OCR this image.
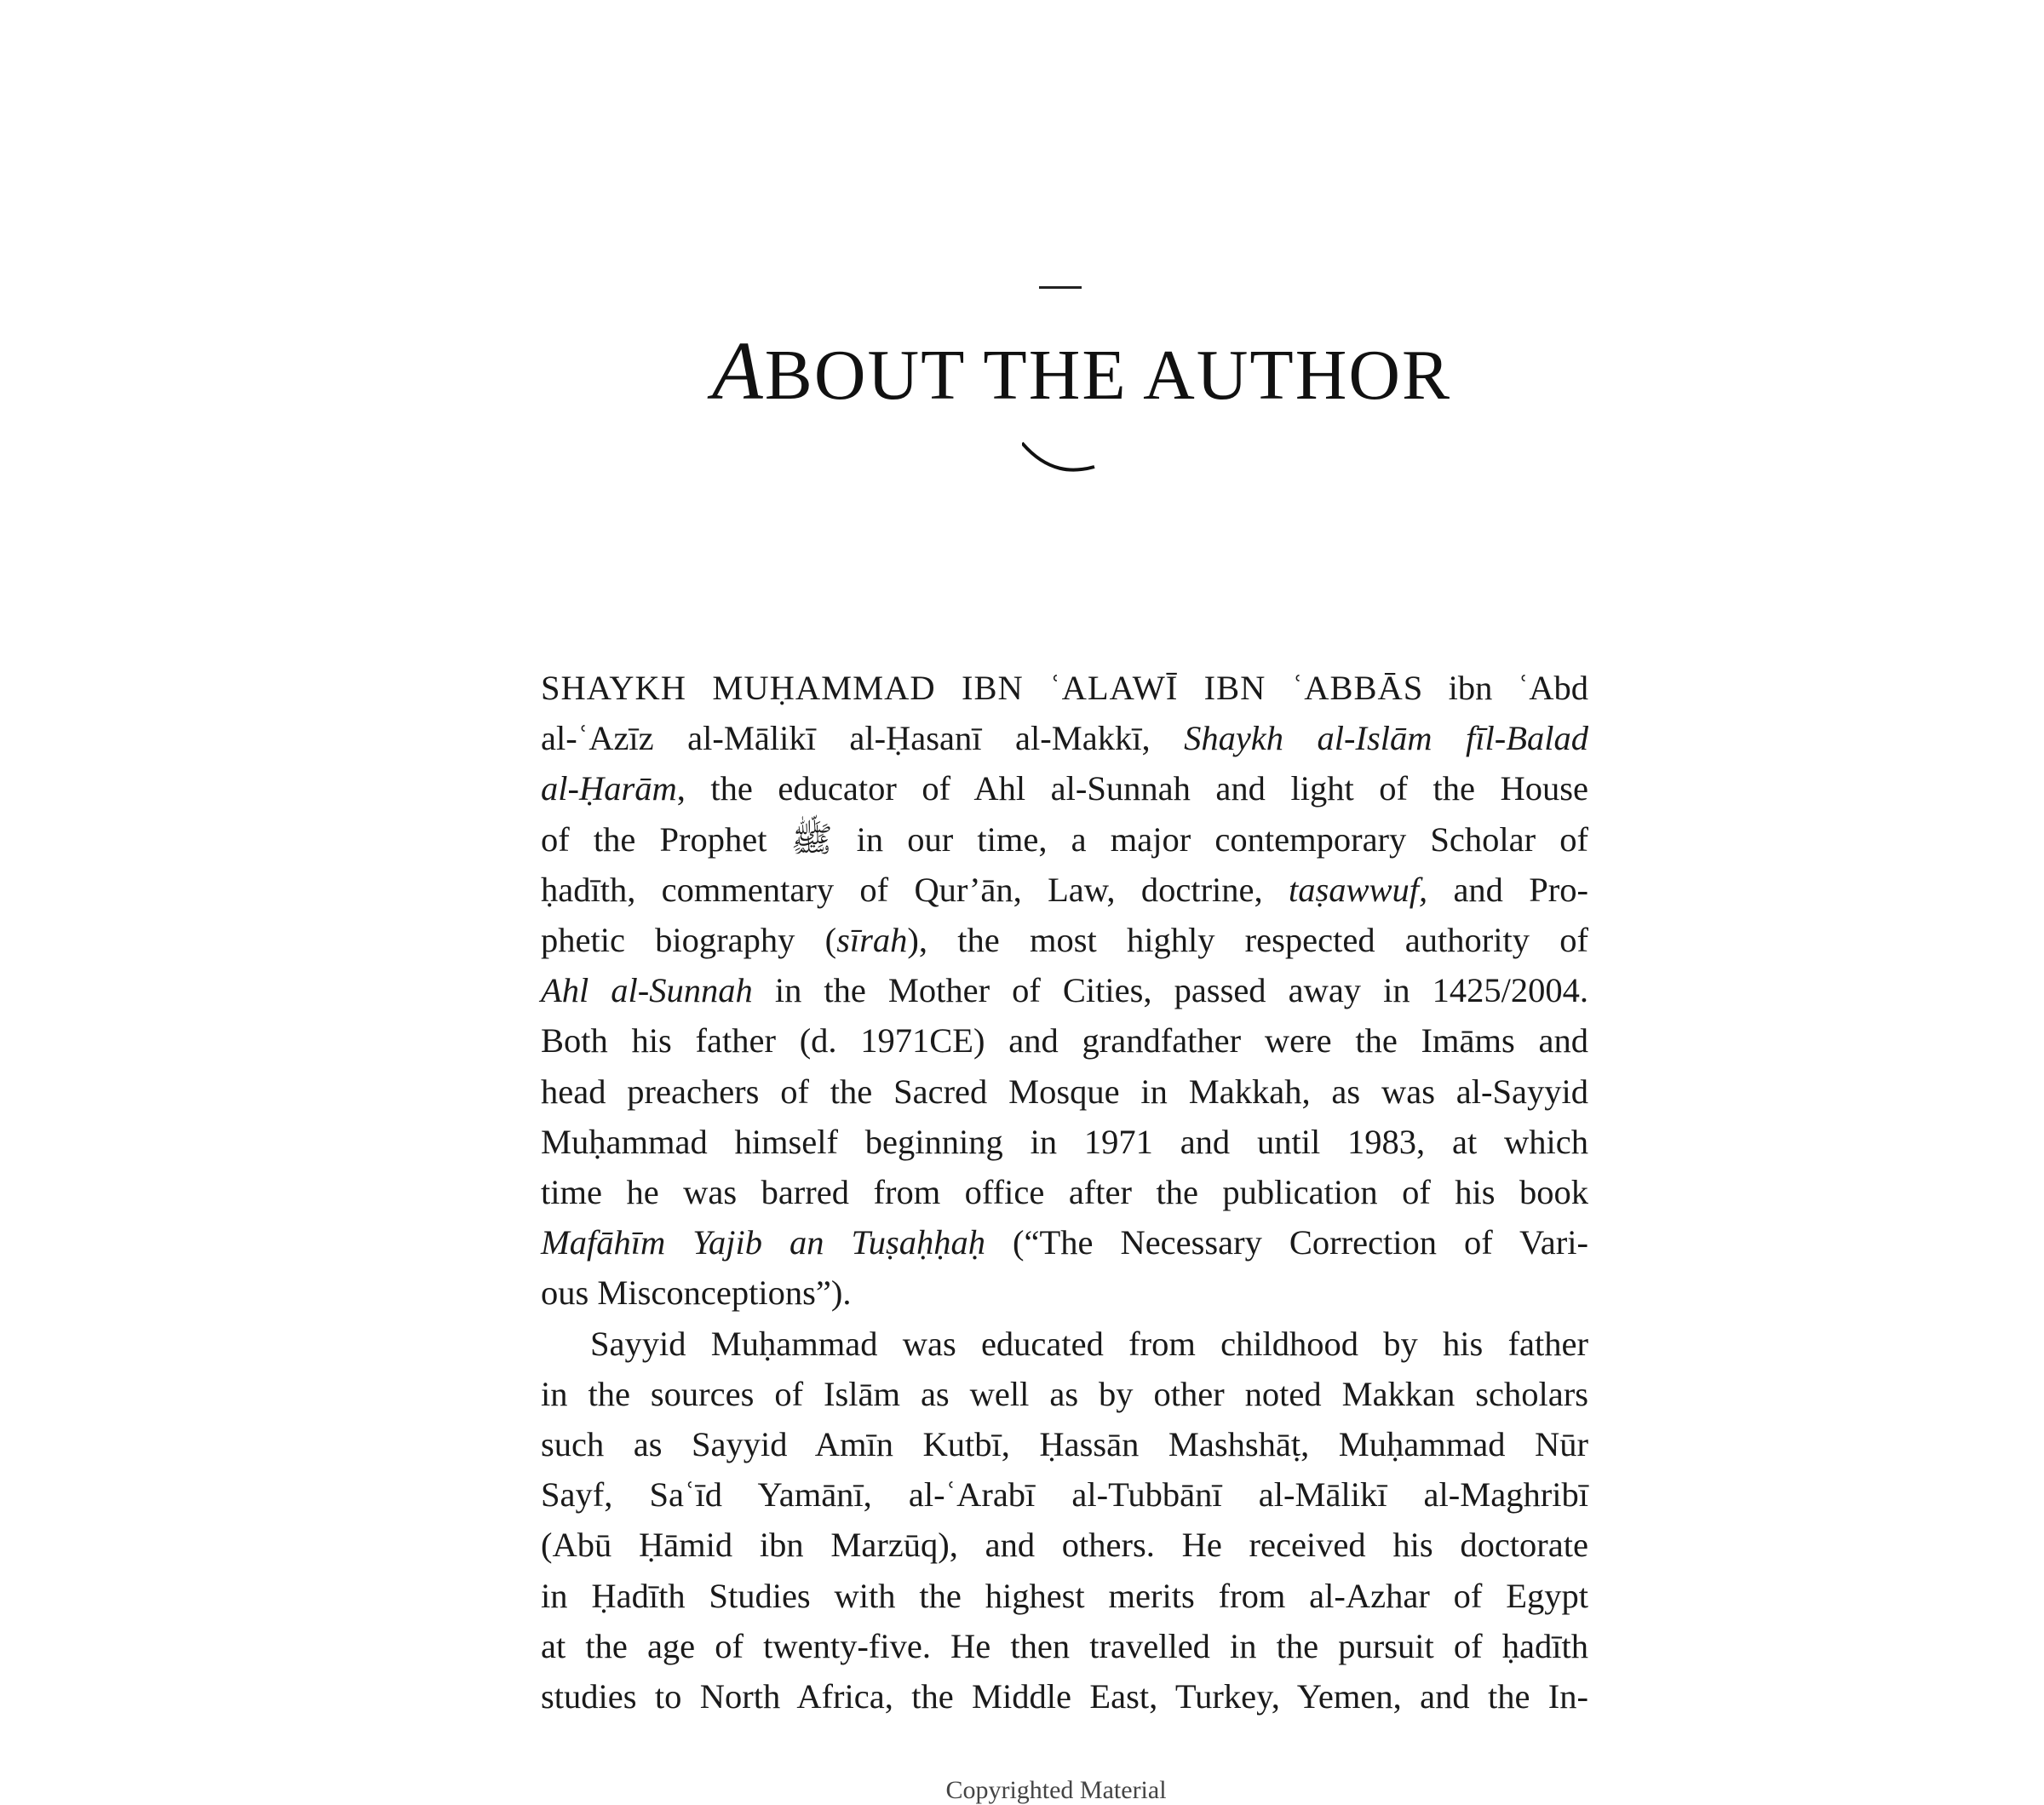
ABOUT THE AUTHOR

SHAYKH MUḤAMMAD IBN ʿALAWĪ IBN ʿABBĀS ibn ʿAbd
al-ʿAzīz al-Mālikī al-Ḥasanī al-Makkī, Shaykh al-Islām fīl-Balad
al-Ḥarām, the educator of Ahl al-Sunnah and light of the House
of the Prophet ﷺ in our time, a major contemporary Scholar of
ḥadīth, commentary of Qur’ān, Law, doctrine, taṣawwuf, and Pro-
phetic biography (sīrah), the most highly respected authority of
Ahl al-Sunnah in the Mother of Cities, passed away in 1425/2004.
Both his father (d. 1971CE) and grandfather were the Imāms and
head preachers of the Sacred Mosque in Makkah, as was al-Sayyid
Muḥammad himself beginning in 1971 and until 1983, at which
time he was barred from office after the publication of his book
Mafāhīm Yajib an Tuṣaḥḥaḥ (“The Necessary Correction of Vari-
ous Misconceptions”).

Sayyid Muḥammad was educated from childhood by his father
in the sources of Islām as well as by other noted Makkan scholars
such as Sayyid Amīn Kutbī, Ḥassān Mashshāṭ, Muḥammad Nūr
Sayf, Saʿīd Yamānī, al-ʿArabī al-Tubbānī al-Mālikī al-Maghribī
(Abū Ḥāmid ibn Marzūq), and others. He received his doctorate
in Ḥadīth Studies with the highest merits from al-Azhar of Egypt
at the age of twenty-five. He then travelled in the pursuit of ḥadīth
studies to North Africa, the Middle East, Turkey, Yemen, and the In-

Copyrighted Material
